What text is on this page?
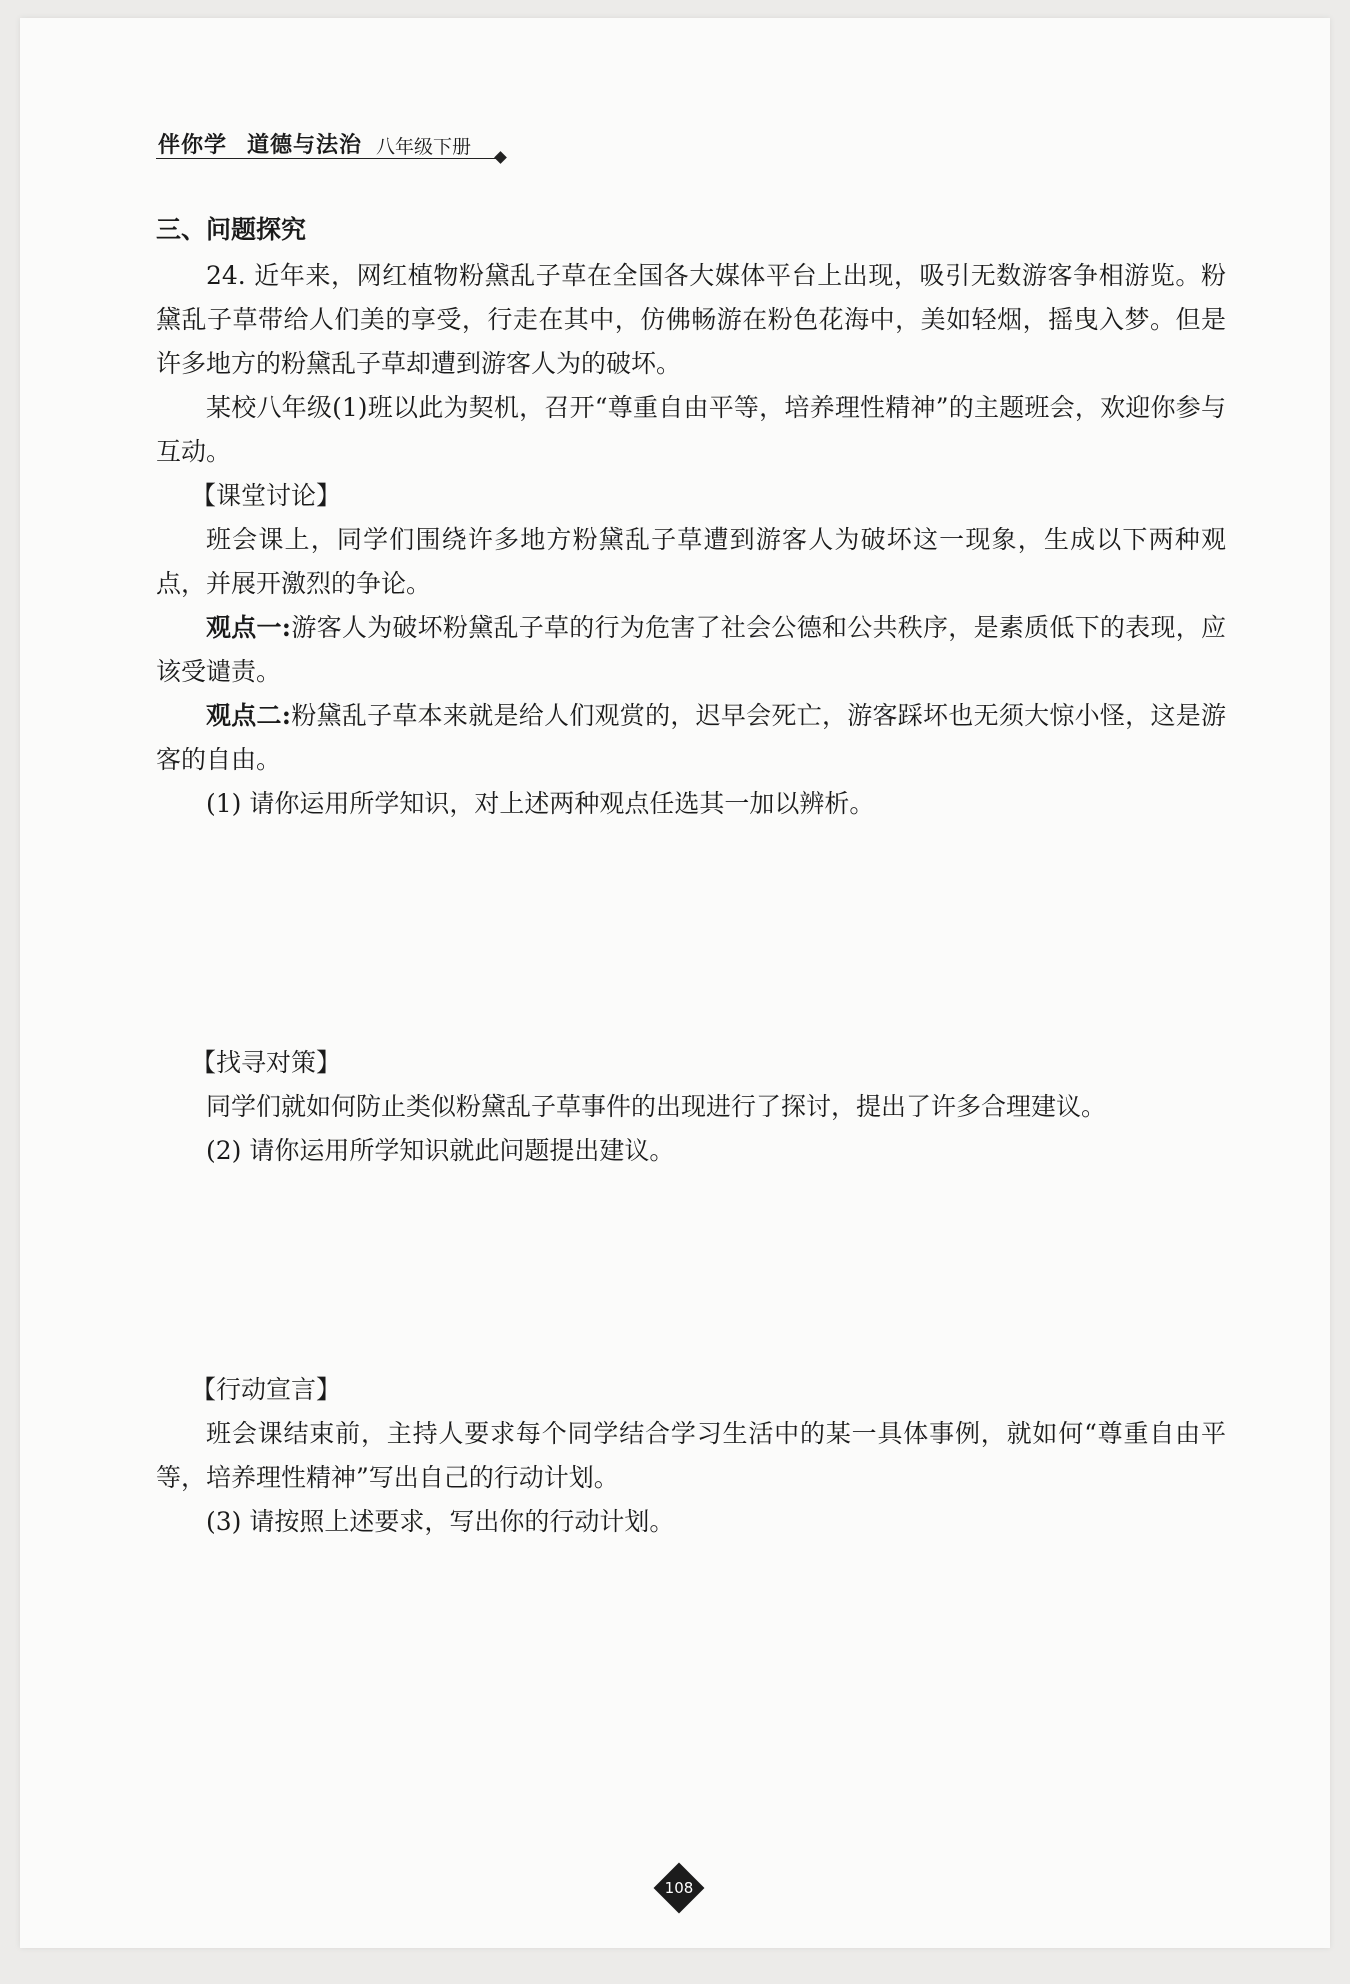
伴你学 道德与法治 八年级下册
三、问题探究

24. 近年来，网红植物粉黛乱子草在全国各大媒体平台上出现，吸引无数游客争相游览。粉黛乱子草带给人们美的享受，行走在其中，仿佛畅游在粉色花海中，美如轻烟，摇曳入梦。但是许多地方的粉黛乱子草却遭到游客人为的破坏。

某校八年级(1)班以此为契机，召开“尊重自由平等，培养理性精神”的主题班会，欢迎你参与互动。

【课堂讨论】

班会课上，同学们围绕许多地方粉黛乱子草遭到游客人为破坏这一现象，生成以下两种观点，并展开激烈的争论。

观点一:游客人为破坏粉黛乱子草的行为危害了社会公德和公共秩序，是素质低下的表现，应该受谴责。

观点二:粉黛乱子草本来就是给人们观赏的，迟早会死亡，游客踩坏也无须大惊小怪，这是游客的自由。

(1) 请你运用所学知识，对上述两种观点任选其一加以辨析。

【找寻对策】

同学们就如何防止类似粉黛乱子草事件的出现进行了探讨，提出了许多合理建议。

(2) 请你运用所学知识就此问题提出建议。

【行动宣言】

班会课结束前，主持人要求每个同学结合学习生活中的某一具体事例，就如何“尊重自由平等，培养理性精神”写出自己的行动计划。

(3) 请按照上述要求，写出你的行动计划。

108
